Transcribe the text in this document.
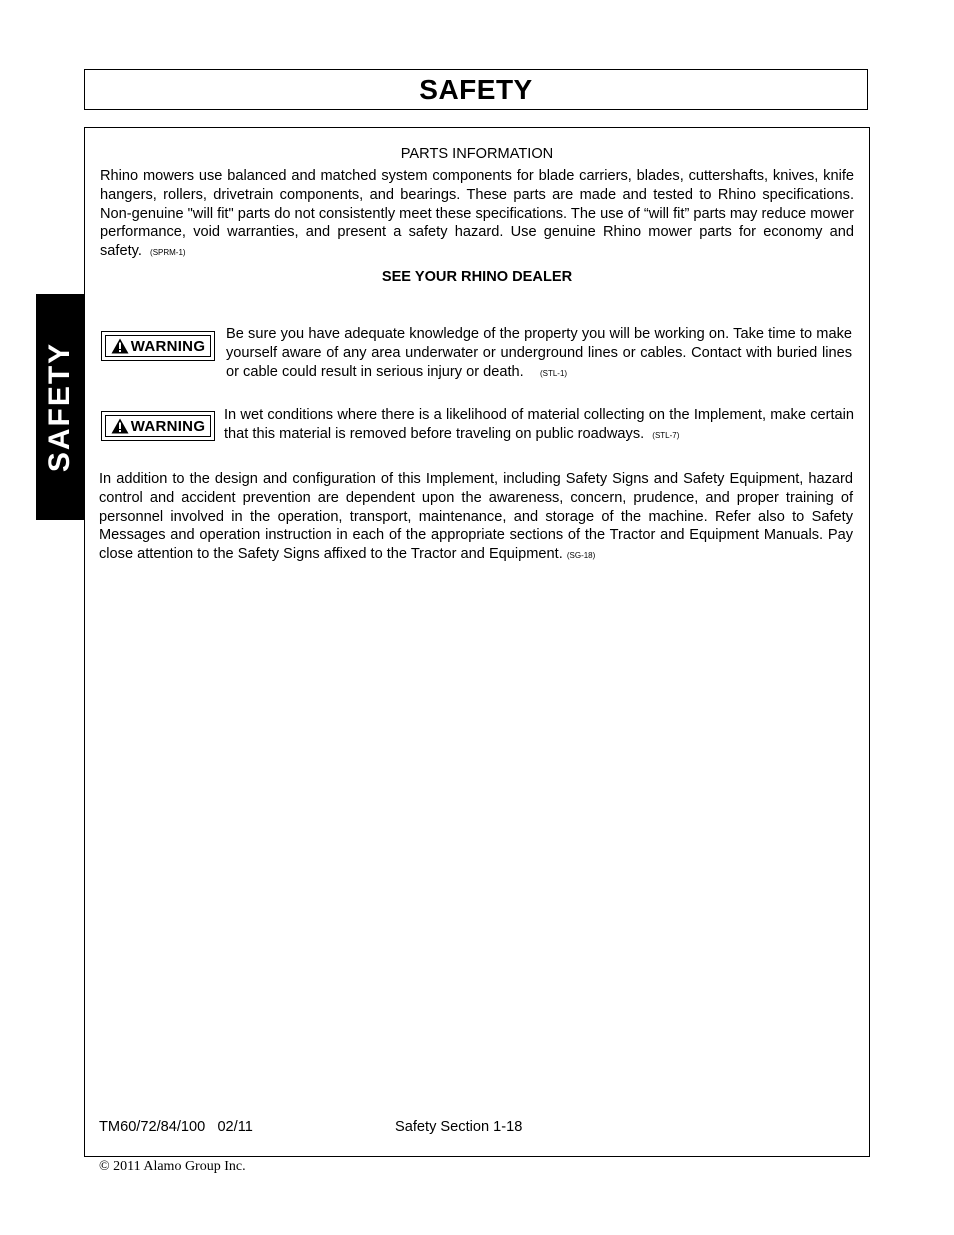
SAFETY
SAFETY
PARTS INFORMATION

Rhino mowers use balanced and matched system components for blade carriers, blades, cuttershafts, knives, knife hangers, rollers, drivetrain components, and bearings. These parts are made and tested to Rhino specifications. Non-genuine "will fit" parts do not consistently meet these specifications. The use of “will fit” parts may reduce mower performance, void warranties, and present a safety hazard. Use genuine Rhino mower parts for economy and safety. (SPRM-1)

SEE YOUR RHINO DEALER
WARNING

Be sure you have adequate knowledge of the property you will be working on. Take time to make yourself aware of any area underwater or underground lines or cables. Contact with buried lines or cable could result in serious injury or death. (STL-1)

WARNING

In wet conditions where there is a likelihood of material collecting on the Implement, make certain that this material is removed before traveling on public roadways. (STL-7)

In addition to the design and configuration of this Implement, including Safety Signs and Safety Equipment, hazard control and accident prevention are dependent upon the awareness, concern, prudence, and proper training of personnel involved in the operation, transport, maintenance, and storage of the machine. Refer also to Safety Messages and operation instruction in each of the appropriate sections of the Tractor and Equipment Manuals. Pay close attention to the Safety Signs affixed to the Tractor and Equipment. (SG-18)

TM60/72/84/100   02/11	Safety Section 1-18
© 2011 Alamo Group Inc.
